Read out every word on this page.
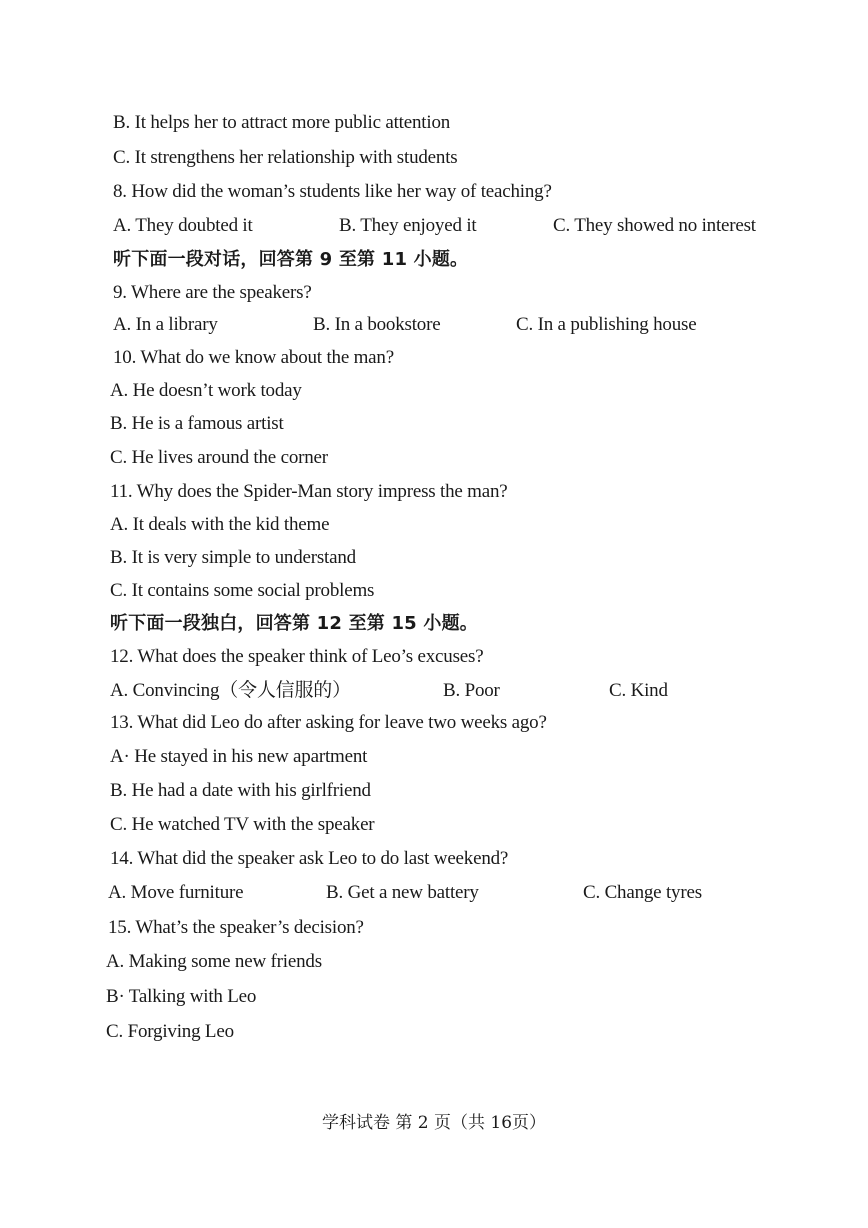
B. It helps her to attract more public attention
C. It strengthens her relationship with students
8. How did the woman’s students like her way of teaching?
A. They doubted it	B. They enjoyed it	C. They showed no interest
听下面一段对话，回答第 9 至第 11 小题。
9. Where are the speakers?
A. In a library	B. In a bookstore	C. In a publishing house
10. What do we know about the man?
A. He doesn’t work today
B. He is a famous artist
C. He lives around the corner
11. Why does the Spider-Man story impress the man?
A. It deals with the kid theme
B. It is very simple to understand
C. It contains some social problems
听下面一段独白，回答第 12 至第 15 小题。
12. What does the speaker think of Leo’s excuses?
A. Convincing（令人信服的）	B. Poor	C. Kind
13. What did Leo do after asking for leave two weeks ago?
A· He stayed in his new apartment
B. He had a date with his girlfriend
C. He watched TV with the speaker
14. What did the speaker ask Leo to do last weekend?
A. Move furniture	B. Get a new battery	C. Change tyres
15. What’s the speaker’s decision?
A. Making some new friends
B· Talking with Leo
C. Forgiving Leo
学科试卷 第 2 页（共 16页）
